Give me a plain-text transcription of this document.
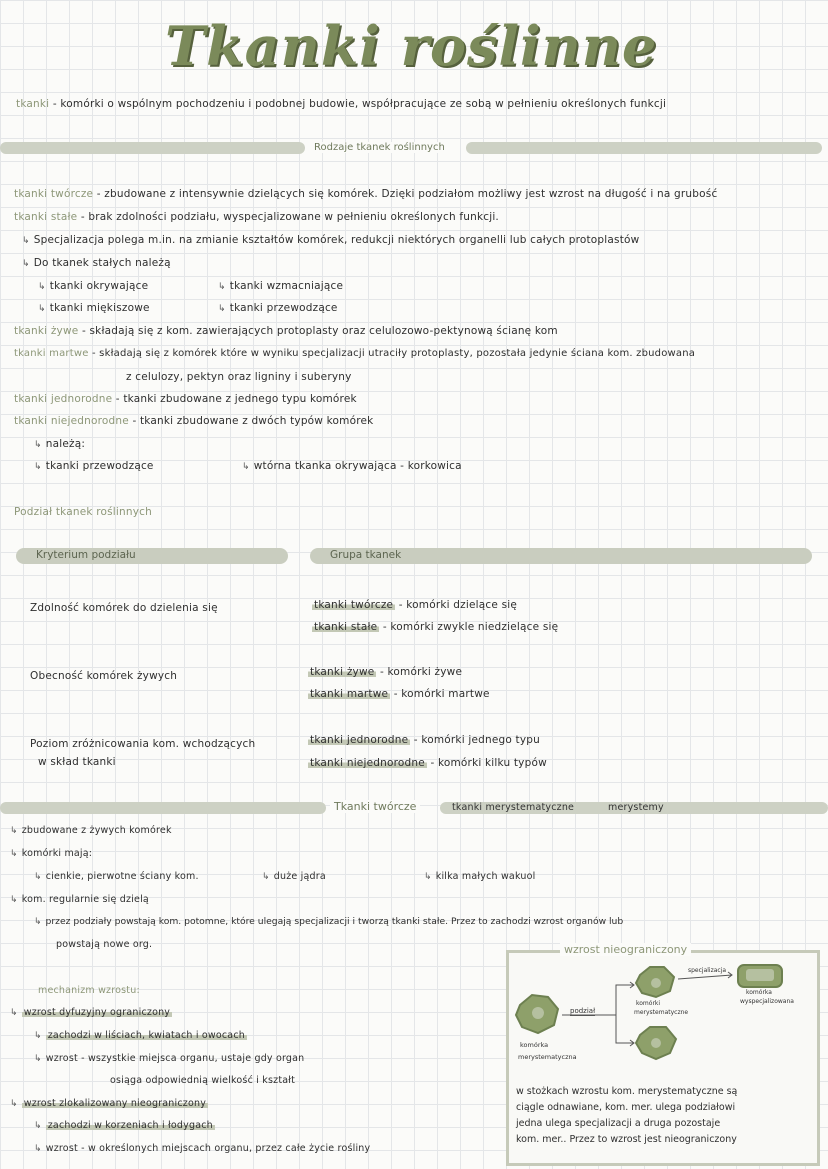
Tkanki roślinne
tkanki - komórki o wspólnym pochodzeniu i podobnej budowie, współpracujące ze sobą w pełnieniu określonych funkcji
Rodzaje tkanek roślinnych
tkanki twórcze - zbudowane z intensywnie dzielących się komórek. Dzięki podziałom możliwy jest wzrost na długość i na grubość
tkanki stałe - brak zdolności podziału, wyspecjalizowane w pełnieniu określonych funkcji.
↳ Specjalizacja polega m.in. na zmianie kształtów komórek, redukcji niektórych organelli lub całych protoplastów
↳ Do tkanek stałych należą
↳ tkanki okrywające	↳ tkanki wzmacniające
↳ tkanki miękiszowe	↳ tkanki przewodzące
tkanki żywe - składają się z kom. zawierających protoplasty oraz celulozowo-pektynową ścianę kom
tkanki martwe - składają się z komórek które w wyniku specjalizacji utraciły protoplasty, pozostała jedynie ściana kom. zbudowana
z celulozy, pektyn oraz ligniny i suberyny
tkanki jednorodne - tkanki zbudowane z jednego typu komórek
tkanki niejednorodne - tkanki zbudowane z dwóch typów komórek
↳ należą:
↳ tkanki przewodzące	↳ wtórna tkanka okrywająca - korkowica
Podział tkanek roślinnych
Kryterium podziału	Grupa tkanek
Zdolność komórek do dzielenia się	tkanki twórcze - komórki dzielące się
tkanki stałe - komórki zwykle niedzielące się
Obecność komórek żywych	tkanki żywe - komórki żywe
tkanki martwe - komórki martwe
Poziom zróżnicowania kom. wchodzących
w skład tkanki
tkanki jednorodne - komórki jednego typu
tkanki niejednorodne - komórki kilku typów
Tkanki twórcze	tkanki merystematyczne	merystemy
↳ zbudowane z żywych komórek
↳ komórki mają:
↳ cienkie, pierwotne ściany kom.	↳ duże jądra	↳ kilka małych wakuol
↳ kom. regularnie się dzielą
↳ przez podziały powstają kom. potomne, które ulegają specjalizacji i tworzą tkanki stałe. Przez to zachodzi wzrost organów lub
powstają nowe org.
mechanizm wzrostu:
↳ wzrost dyfuzyjny ograniczony
↳ zachodzi w liściach, kwiatach i owocach
↳ wzrost - wszystkie miejsca organu, ustaje gdy organ
osiąga odpowiednią wielkość i kształt
↳ wzrost zlokalizowany nieograniczony
↳ zachodzi w korzeniach i łodygach
↳ wzrost - w określonych miejscach organu, przez całe życie rośliny
wzrost nieograniczony
podział
specjalizacja
komórka
wyspecjalizowana
komórki
merystematyczne
komórka
merystematyczna
w stożkach wzrostu kom. merystematyczne są
ciągle odnawiane, kom. mer. ulega podziałowi
jedna ulega specjalizacji a druga pozostaje
kom. mer.. Przez to wzrost jest nieograniczony
